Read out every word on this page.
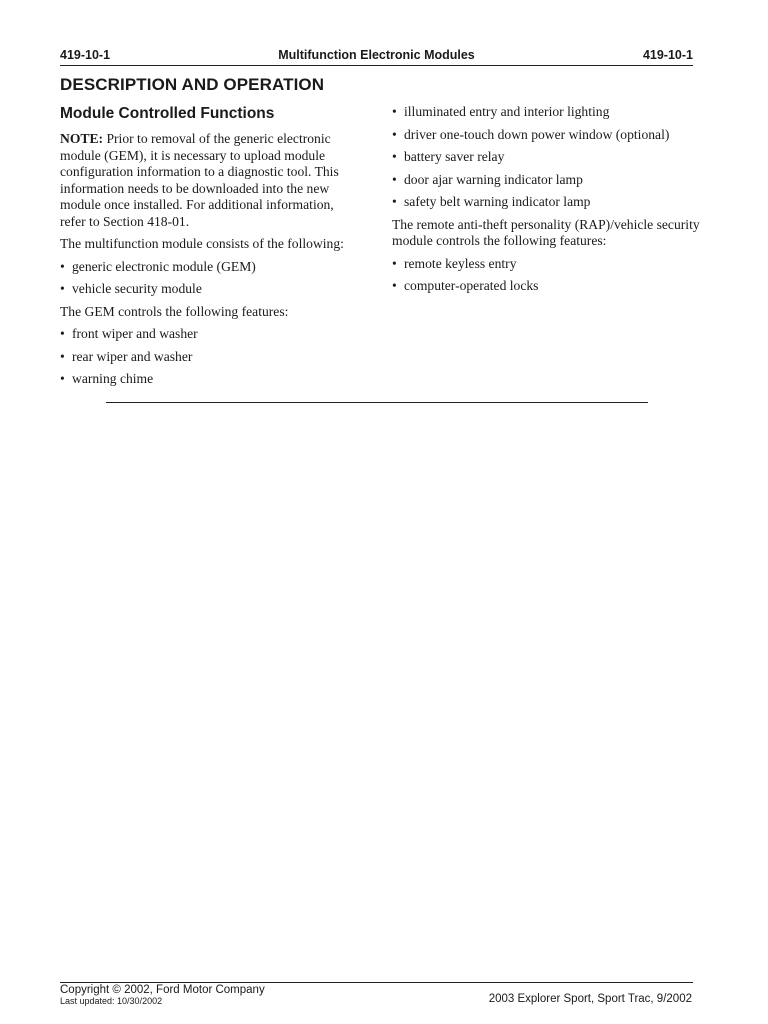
419-10-1	Multifunction Electronic Modules	419-10-1
DESCRIPTION AND OPERATION
Module Controlled Functions

NOTE: Prior to removal of the generic electronic module (GEM), it is necessary to upload module configuration information to a diagnostic tool. This information needs to be downloaded into the new module once installed. For additional information, refer to Section 418-01.

The multifunction module consists of the following:

• generic electronic module (GEM)
• vehicle security module

The GEM controls the following features:

• front wiper and washer
• rear wiper and washer
• warning chime
• illuminated entry and interior lighting
• driver one-touch down power window (optional)
• battery saver relay
• door ajar warning indicator lamp
• safety belt warning indicator lamp

The remote anti-theft personality (RAP)/vehicle security module controls the following features:

• remote keyless entry
• computer-operated locks
Copyright © 2002, Ford Motor Company
Last updated: 10/30/2002	2003 Explorer Sport, Sport Trac, 9/2002
